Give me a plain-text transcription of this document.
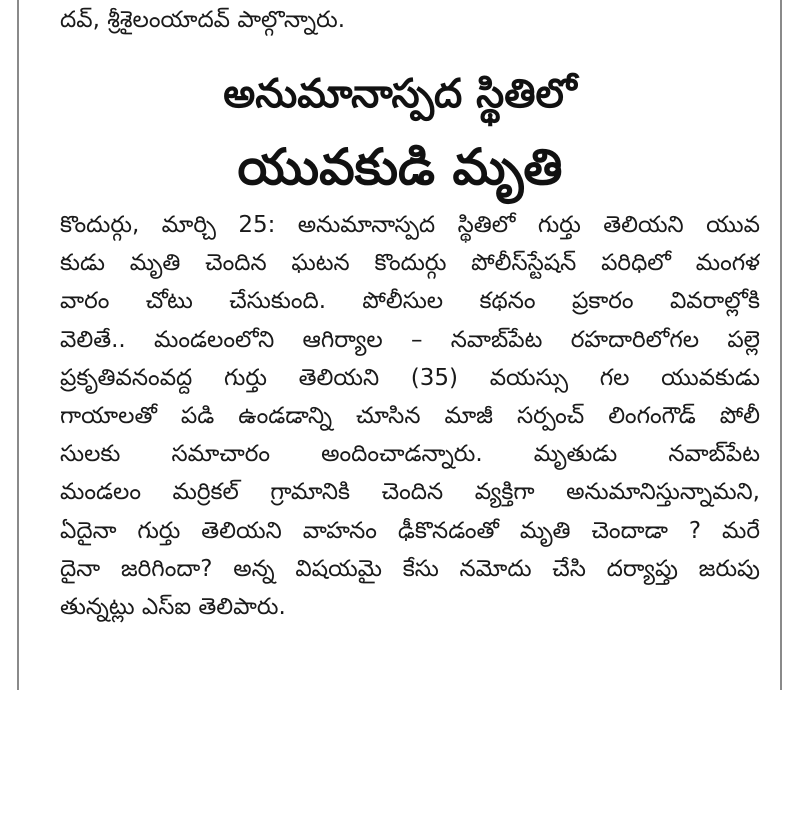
దవ్, శ్రీశైలంయాదవ్ పాల్గొన్నారు.
అనుమానాస్పద స్థితిలో
యువకుడి మృతి
కొందుర్గు, మార్చి 25: అనుమానాస్పద స్థితిలో గుర్తు తెలియని యువ
కుడు మృతి చెందిన ఘటన కొందుర్గు పోలీస్‌స్టేషన్ పరిధిలో మంగళ
వారం చోటు చేసుకుంది. పోలీసుల కథనం ప్రకారం వివరాల్లోకి
వెలితే.. మండలంలోని ఆగిర్యాల – నవాబ్‌పేట రహదారిలోగల పల్లె
ప్రకృతివనంవద్ద గుర్తు తెలియని (35) వయస్సు గల యువకుడు
గాయాలతో పడి ఉండడాన్ని చూసిన మాజీ సర్పంచ్ లింగంగౌడ్ పోలీ
సులకు సమాచారం అందించాడన్నారు. మృతుడు నవాబ్‌పేట
మండలం మర్రికల్ గ్రామానికి చెందిన వ్యక్తిగా అనుమానిస్తున్నామని,
ఏదైనా గుర్తు తెలియని వాహనం ఢీకొనడంతో మృతి చెందాడా ? మరే
దైనా జరిగిందా? అన్న విషయమై కేసు నమోదు చేసి దర్యాప్తు జరుపు
తున్నట్లు ఎస్ఐ తెలిపారు.
